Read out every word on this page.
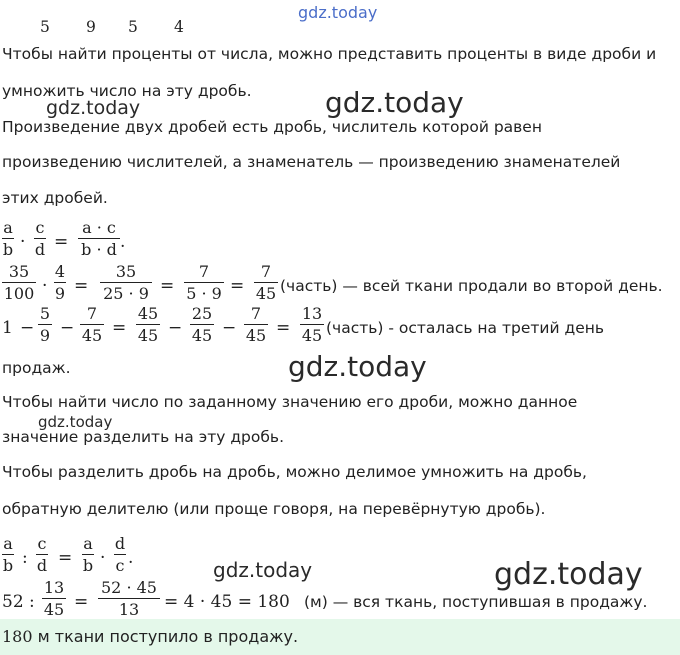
gdz.today
gdz.today	gdz.today
gdz.today
gdz.today
gdz.today	gdz.today
5 9 5 4
Чтобы найти проценты от числа, можно представить проценты в виде дроби и
умножить число на эту дробь.
Произведение двух дробей есть дробь, числитель которой равен
произведению числителей, а знаменатель — произведению знаменателей
этих дробей.
a
b ·
c
d =
a · c
b · d .
35
100 ·
4
9 =
35
25 · 9 =
7
5 · 9 =
7
45 (часть) — всей ткани продали во второй день.
1 −
5
9 −
7
45 =
45
45 −
25
45 −
7
45 =
13
45 (часть) - осталась на третий день
продаж.
Чтобы найти число по заданному значению его дроби, можно данное
значение разделить на эту дробь.
Чтобы разделить дробь на дробь, можно делимое умножить на дробь,
обратную делителю (или проще говоря, на перевёрнутую дробь).
a
b :
c
d =
a
b ·
d
c .
52 :
13
45 =
52 · 45
13	= 4 · 45 = 180 (м) — вся ткань, поступившая в продажу.
180 м ткани поступило в продажу.
